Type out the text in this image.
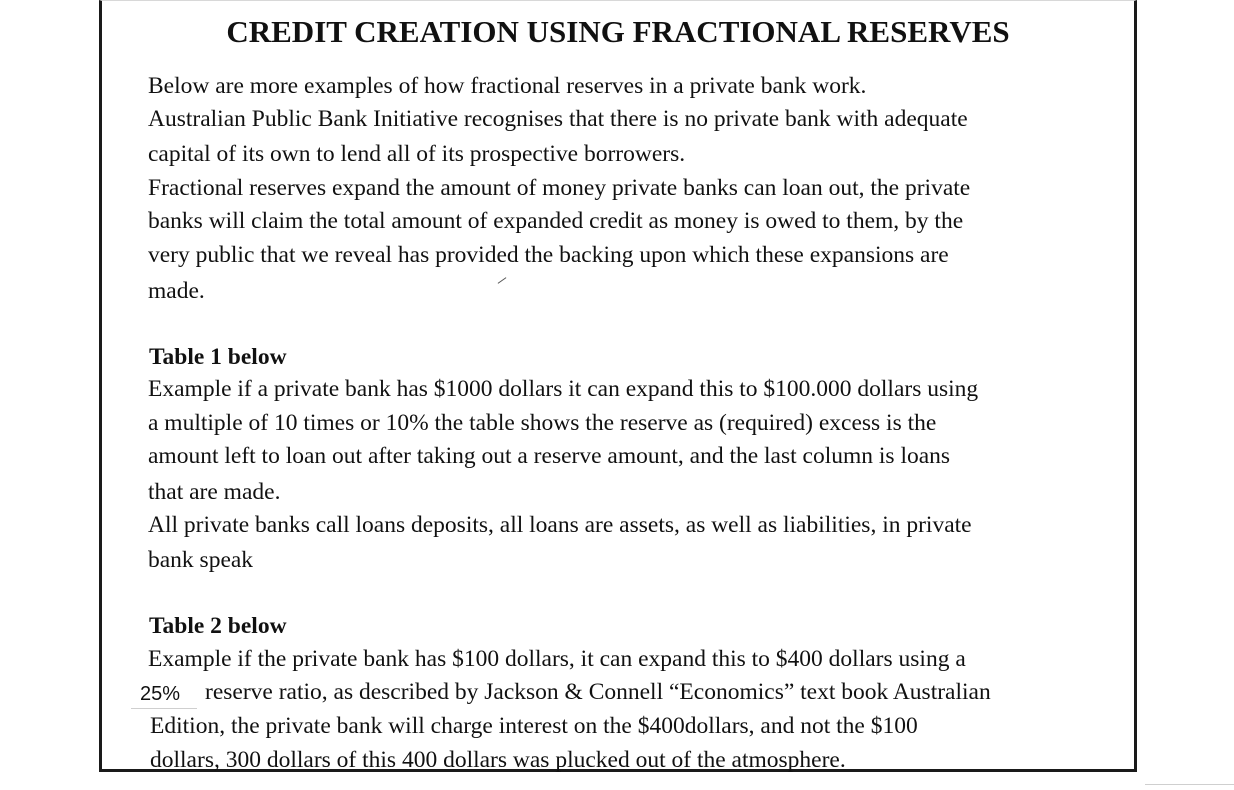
CREDIT CREATION USING FRACTIONAL RESERVES

Below are more examples of how fractional reserves in a private bank work.

Australian Public Bank Initiative recognises that there is no private bank with adequate

capital of its own to lend all of its prospective borrowers.

Fractional reserves expand the amount of money private banks can loan out, the private

banks will claim the total amount of expanded credit as money is owed to them, by the

very public that we reveal has provided the backing upon which these expansions are

made.

Table 1 below

Example if a private bank has $1000 dollars it can expand this to $100.000 dollars using

a multiple of 10 times or 10% the table shows the reserve as (required) excess is the

amount left to loan out after taking out a reserve amount, and the last column is loans

that are made.

All private banks call loans deposits, all loans are assets, as well as liabilities, in private

bank speak

Table 2 below

Example if the private bank has $100 dollars, it can expand this to $400 dollars using a

25%	reserve ratio, as described by Jackson & Connell “Economics” text book Australian

Edition, the private bank will charge interest on the $400dollars, and not the $100

dollars, 300 dollars of this 400 dollars was plucked out of the atmosphere.
